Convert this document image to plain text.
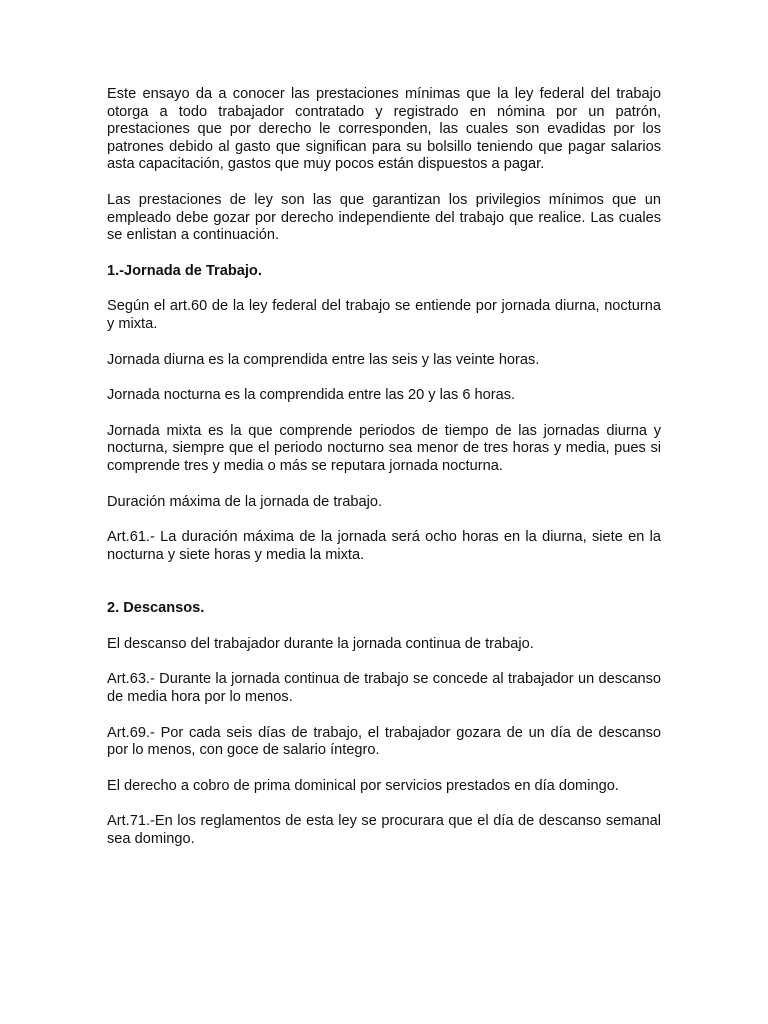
Este ensayo da a conocer las prestaciones mínimas que la ley federal del trabajo otorga a todo trabajador contratado y registrado en nómina por un patrón, prestaciones que por derecho le corresponden, las cuales son evadidas por los patrones debido al gasto que significan para su bolsillo teniendo que pagar salarios asta capacitación, gastos que muy pocos están dispuestos a pagar.

Las prestaciones de ley son las que garantizan los privilegios mínimos que un empleado debe gozar por derecho independiente del trabajo que realice. Las cuales se enlistan a continuación.

1.-Jornada de Trabajo.

Según el art.60 de la ley federal del trabajo se entiende por jornada diurna, nocturna y mixta.

Jornada diurna es la comprendida entre las seis y las veinte horas.

Jornada nocturna es la comprendida entre las 20 y las 6 horas.

Jornada mixta es la que comprende periodos de tiempo de las jornadas diurna y nocturna, siempre que el periodo nocturno sea menor de tres horas y media, pues si comprende tres y media o más se reputara jornada nocturna.

Duración máxima de la jornada de trabajo.

Art.61.- La duración máxima de la jornada será ocho horas en la diurna, siete en la nocturna y siete horas y media la mixta.

2. Descansos.

El descanso del trabajador durante la jornada continua de trabajo.

Art.63.- Durante la jornada continua de trabajo se concede al trabajador un descanso de media hora por lo menos.

Art.69.- Por cada seis días de trabajo, el trabajador gozara de un día de descanso por lo menos, con goce de salario íntegro.

El derecho a cobro de prima dominical por servicios prestados en día domingo.

Art.71.-En los reglamentos de esta ley se procurara que el día de descanso semanal sea domingo.
